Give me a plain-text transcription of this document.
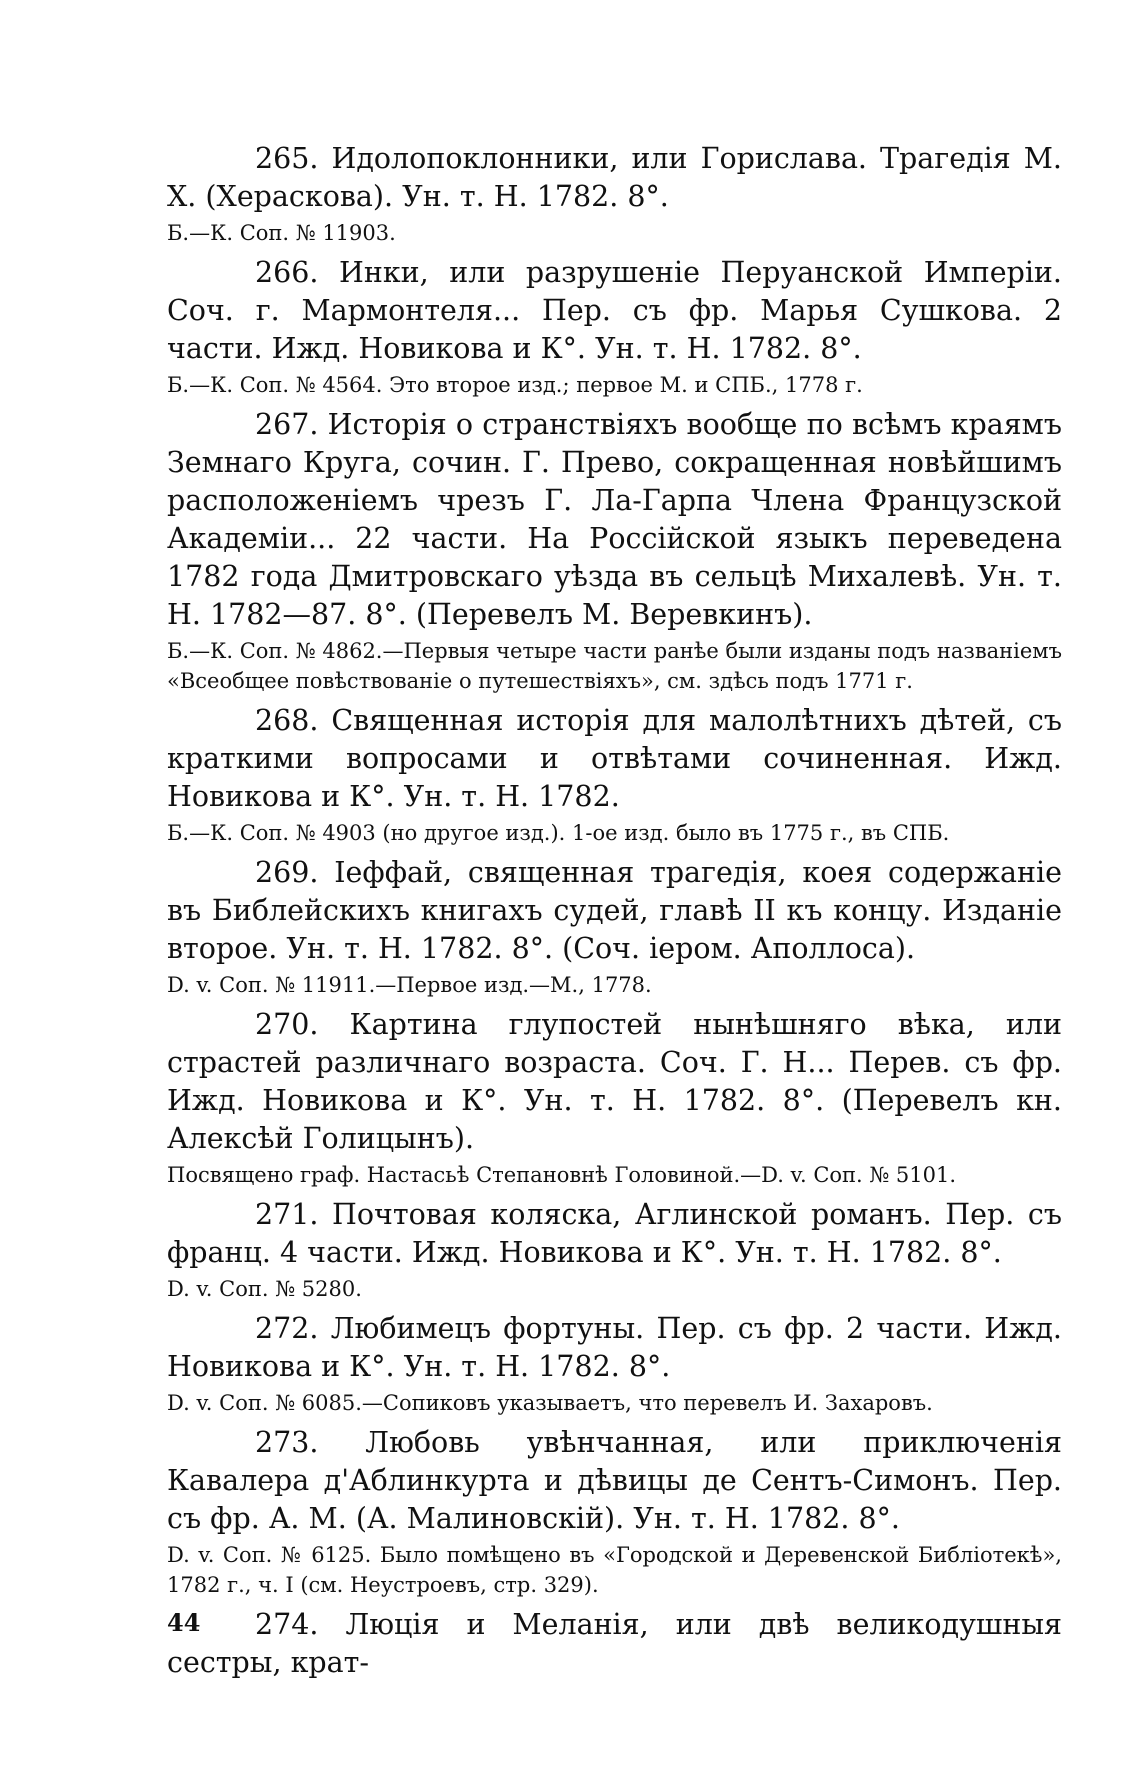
265. Идолопоклонники, или Горислава. Трагедія М. Х. (Хераскова). Ун. т. Н. 1782. 8°.

Б.—К. Соп. № 11903.

266. Инки, или разрушеніе Перуанской Имперіи. Соч. г. Мармонтеля... Пер. съ фр. Марья Сушкова. 2 части. Ижд. Новикова и К°. Ун. т. Н. 1782. 8°.

Б.—К. Соп. № 4564. Это второе изд.; первое М. и СПБ., 1778 г.

267. Исторія о странствіяхъ вообще по всѣмъ краямъ Земнаго Круга, сочин. Г. Прево, сокращенная новѣйшимъ расположеніемъ чрезъ Г. Ла-Гарпа Члена Французской Академіи... 22 части. На Россійской языкъ переведена 1782 года Дмитровскаго уѣзда въ сельцѣ Михалевѣ. Ун. т. Н. 1782—87. 8°. (Перевелъ М. Веревкинъ).

Б.—К. Соп. № 4862.—Первыя четыре части ранѣе были изданы подъ названіемъ «Всеобщее повѣствованіе о путешествіяхъ», см. здѣсь подъ 1771 г.

268. Священная исторія для малолѣтнихъ дѣтей, съ краткими вопросами и отвѣтами сочиненная. Ижд. Новикова и К°. Ун. т. Н. 1782.

Б.—К. Соп. № 4903 (но другое изд.). 1-ое изд. было въ 1775 г., въ СПБ.

269. Іеффай, священная трагедія, коея содержаніе въ Библейскихъ книгахъ судей, главѣ II къ концу. Изданіе второе. Ун. т. Н. 1782. 8°. (Соч. іером. Аполлоса).

D. v. Соп. № 11911.—Первое изд.—М., 1778.

270. Картина глупостей нынѣшняго вѣка, или страстей различнаго возраста. Соч. Г. Н... Перев. съ фр. Ижд. Новикова и К°. Ун. т. Н. 1782. 8°. (Перевелъ кн. Алексѣй Голицынъ).

Посвящено граф. Настасьѣ Степановнѣ Головиной.—D. v. Соп. № 5101.

271. Почтовая коляска, Аглинской романъ. Пер. съ франц. 4 части. Ижд. Новикова и К°. Ун. т. Н. 1782. 8°.

D. v. Соп. № 5280.

272. Любимецъ фортуны. Пер. съ фр. 2 части. Ижд. Новикова и К°. Ун. т. Н. 1782. 8°.

D. v. Соп. № 6085.—Сопиковъ указываетъ, что перевелъ И. Захаровъ.

273. Любовь увѣнчанная, или приключенія Кавалера д'Аблинкурта и дѣвицы де Сентъ-Симонъ. Пер. съ фр. А. М. (А. Малиновскій). Ун. т. Н. 1782. 8°.

D. v. Соп. № 6125. Было помѣщено въ «Городской и Деревенской Библіотекѣ», 1782 г., ч. I (см. Неустроевъ, стр. 329).

274. Люція и Меланія, или двѣ великодушныя сестры, крат-

44
